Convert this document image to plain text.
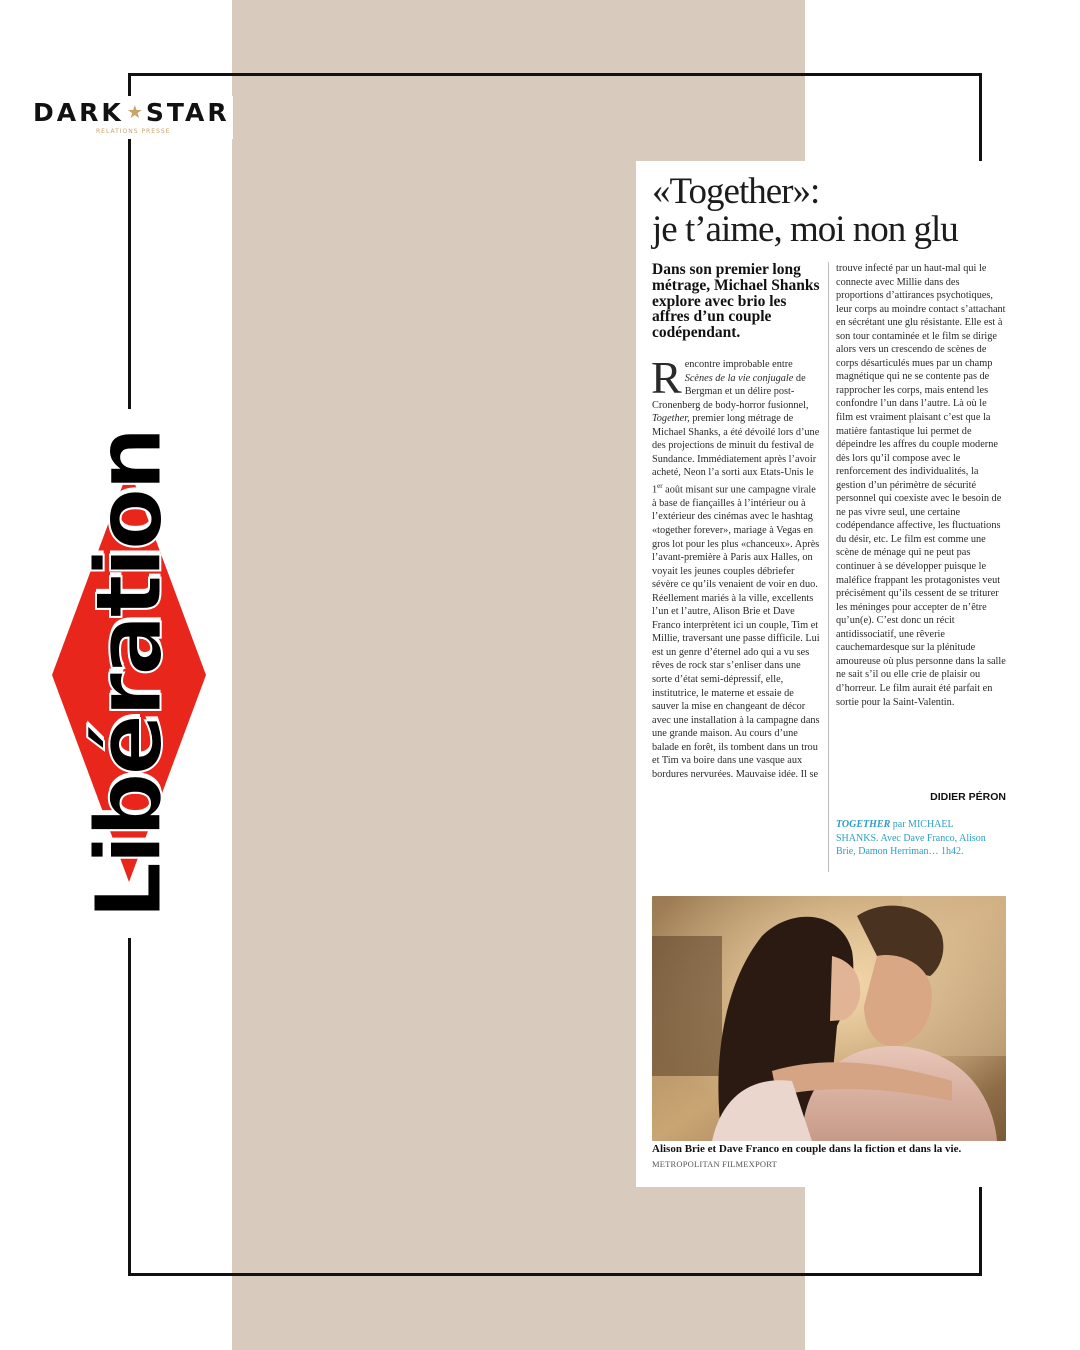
DARK ★ STAR
RELATIONS PRESSE
Libération
«Together»:
je t’aime, moi non glu
Dans son premier long métrage, Michael Shanks explore avec brio les affres d’un couple codépendant.

Rencontre improbable entre Scènes de la vie conjugale de Bergman et un délire post-Cronenberg de body-horror fusionnel, Together, premier long métrage de Michael Shanks, a été dévoilé lors d’une des projections de minuit du festival de Sundance. Immédiatement après l’avoir acheté, Neon l’a sorti aux Etats-Unis le 1er août misant sur une campagne virale à base de fiançailles à l’intérieur ou à l’extérieur des cinémas avec le hashtag «together forever», mariage à Vegas en gros lot pour les plus «chanceux». Après l’avant-première à Paris aux Halles, on voyait les jeunes couples débriefer sévère ce qu’ils venaient de voir en duo. Réellement mariés à la ville, excellents l’un et l’autre, Alison Brie et Dave Franco interprètent ici un couple, Tim et Millie, traversant une passe difficile. Lui est un genre d’éternel ado qui a vu ses rêves de rock star s’enliser dans une sorte d’état semi-dépressif, elle, institutrice, le materne et essaie de sauver la mise en changeant de décor avec une installation à la campagne dans une grande maison. Au cours d’une balade en forêt, ils tombent dans un trou et Tim va boire dans une vasque aux bordures nervurées. Mauvaise idée. Il se

trouve infecté par un haut-mal qui le connecte avec Millie dans des proportions d’attirances psychotiques, leur corps au moindre contact s’attachant en sécrétant une glu résistante. Elle est à son tour contaminée et le film se dirige alors vers un crescendo de scènes de corps désarticulés mues par un champ magnétique qui ne se contente pas de rapprocher les corps, mais entend les confondre l’un dans l’autre. Là où le film est vraiment plaisant c’est que la matière fantastique lui permet de dépeindre les affres du couple moderne dès lors qu’il compose avec le renforcement des individualités, la gestion d’un périmètre de sécurité personnel qui coexiste avec le besoin de ne pas vivre seul, une certaine codépendance affective, les fluctuations du désir, etc. Le film est comme une scène de ménage qui ne peut pas continuer à se développer puisque le maléfice frappant les protagonistes veut précisément qu’ils cessent de se triturer les méninges pour accepter de n’être qu’un(e). C’est donc un récit antidissociatif, une rêverie cauchemardesque sur la plénitude amoureuse où plus personne dans la salle ne sait s’il ou elle crie de plaisir ou d’horreur. Le film aurait été parfait en sortie pour la Saint-Valentin.

DIDIER PÉRON
TOGETHER par MICHAEL SHANKS. Avec Dave Franco, Alison Brie, Damon Herriman… 1h42.
Alison Brie et Dave Franco en couple dans la fiction et dans la vie.
METROPOLITAN FILMEXPORT
